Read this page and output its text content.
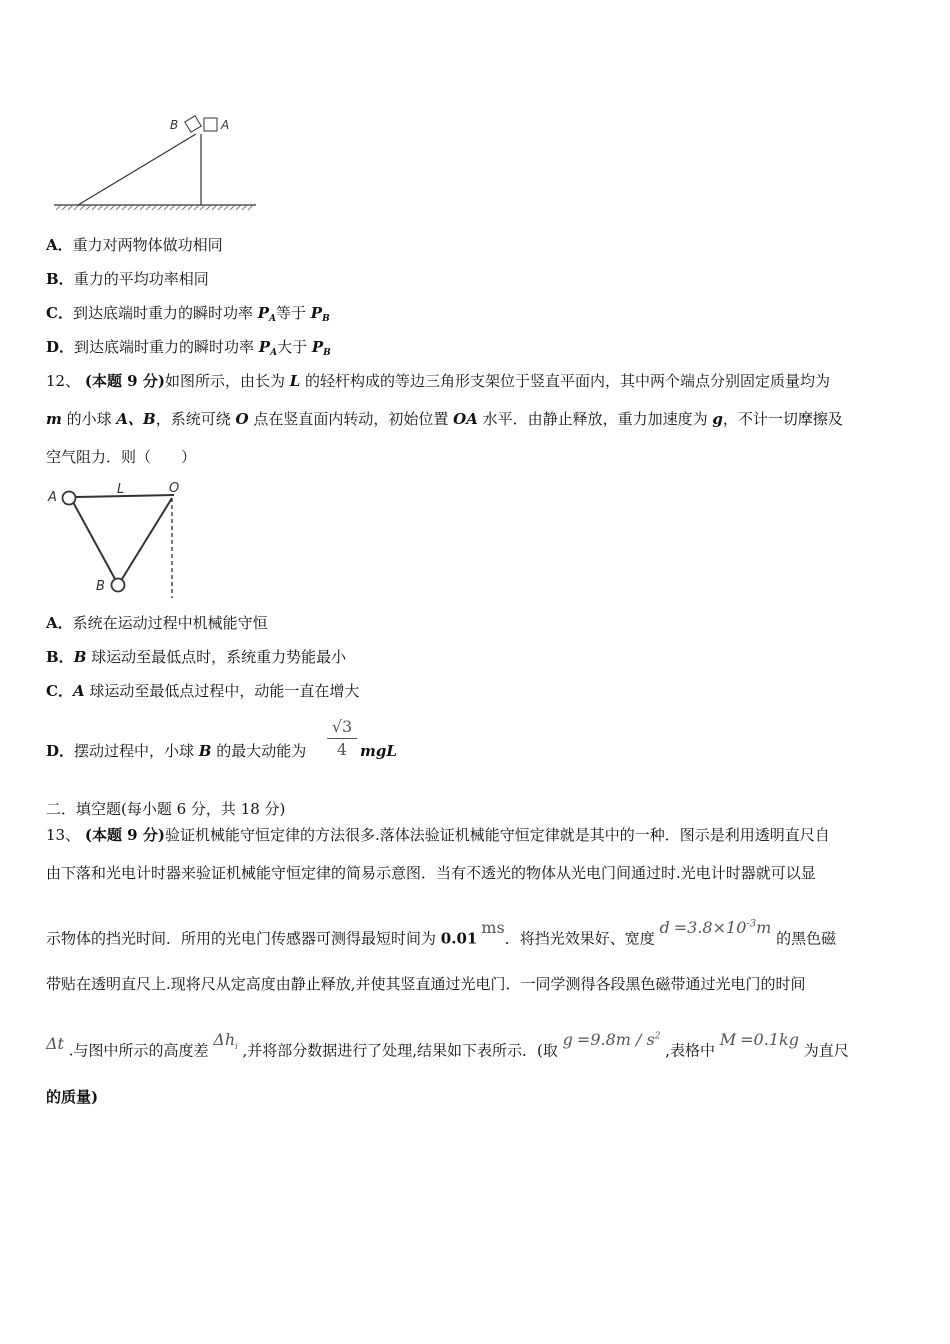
B	A
A．重力对两物体做功相同
B．重力的平均功率相同
C．到达底端时重力的瞬时功率 $P_A$等于 $P_B$
D．到达底端时重力的瞬时功率 $P_A$大于 $P_B$
12、 (本题 9 分)如图所示，由长为 L 的轻杆构成的等边三角形支架位于竖直平面内，其中两个端点分别固定质量均为
m 的小球 A、B，系统可绕 O 点在竖直面内转动，初始位置 OA 水平．由静止释放，重力加速度为 g，不计一切摩擦及
空气阻力．则（　　）
A
L	O
B
A．系统在运动过程中机械能守恒
B．B 球运动至最低点时，系统重力势能最小
C．A 球运动至最低点过程中，动能一直在增大
D．摆动过程中，小球 B 的最大动能为 $\frac{√3}{4}$ mgL
二．填空题(每小题 6 分，共 18 分)
13、 (本题 9 分)验证机械能守恒定律的方法很多.落体法验证机械能守恒定律就是其中的一种．图示是利用透明直尺自
由下落和光电计时器来验证机械能守恒定律的简易示意图．当有不透光的物体从光电门间通过时.光电计时器就可以显
示物体的挡光时间．所用的光电门传感器可测得最短时间为 0.01ms．将挡光效果好、宽度 $d =3.8\times 10^{-3}m$ 的黑色磁
带贴在透明直尺上.现将尺从定高度由静止释放,并使其竖直通过光电门．一同学测得各段黑色磁带通过光电门的时间
Δt .与图中所示的高度差 $\Delta h_i$ ,并将部分数据进行了处理,结果如下表所示．(取 $g =9.8m / s^2$ ,表格中 M =0.1kg 为直尺
的质量)
